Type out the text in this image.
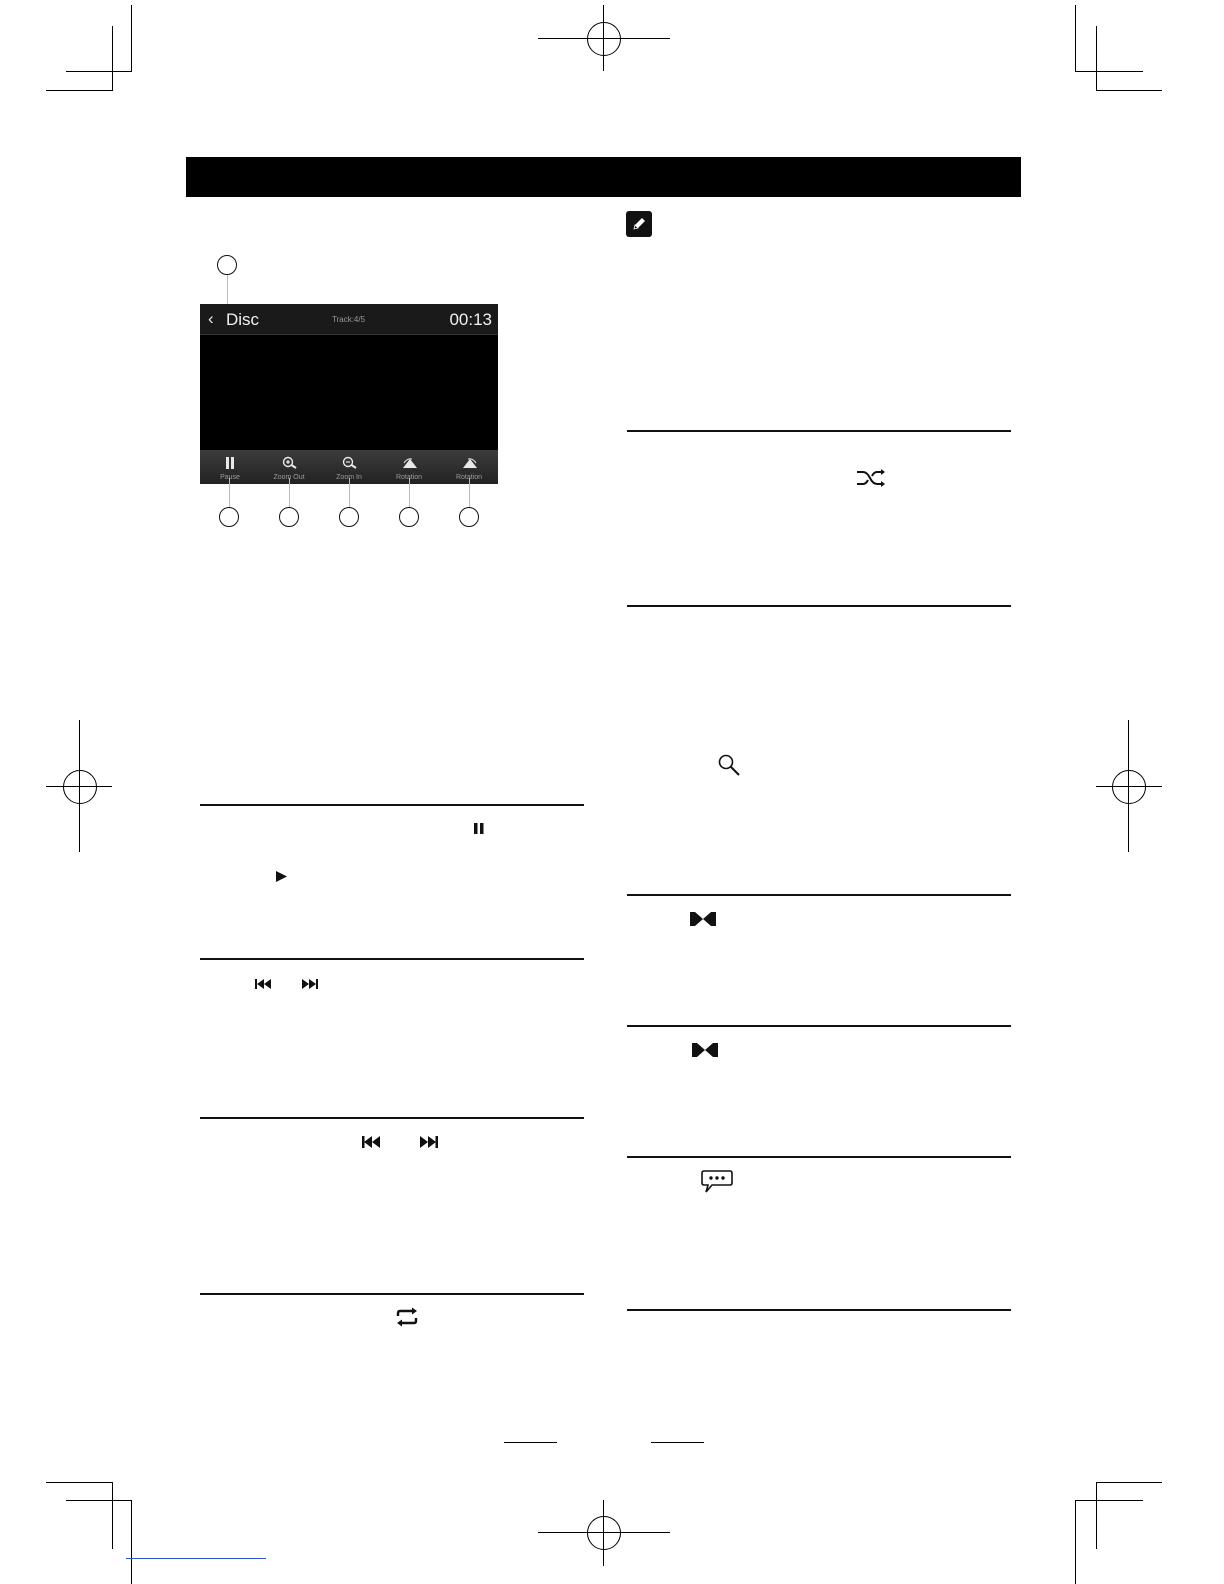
‹ Disc	Track:4/5	00:13
Pause	Zoom Out	Zoom In	Rotation	Rotation
